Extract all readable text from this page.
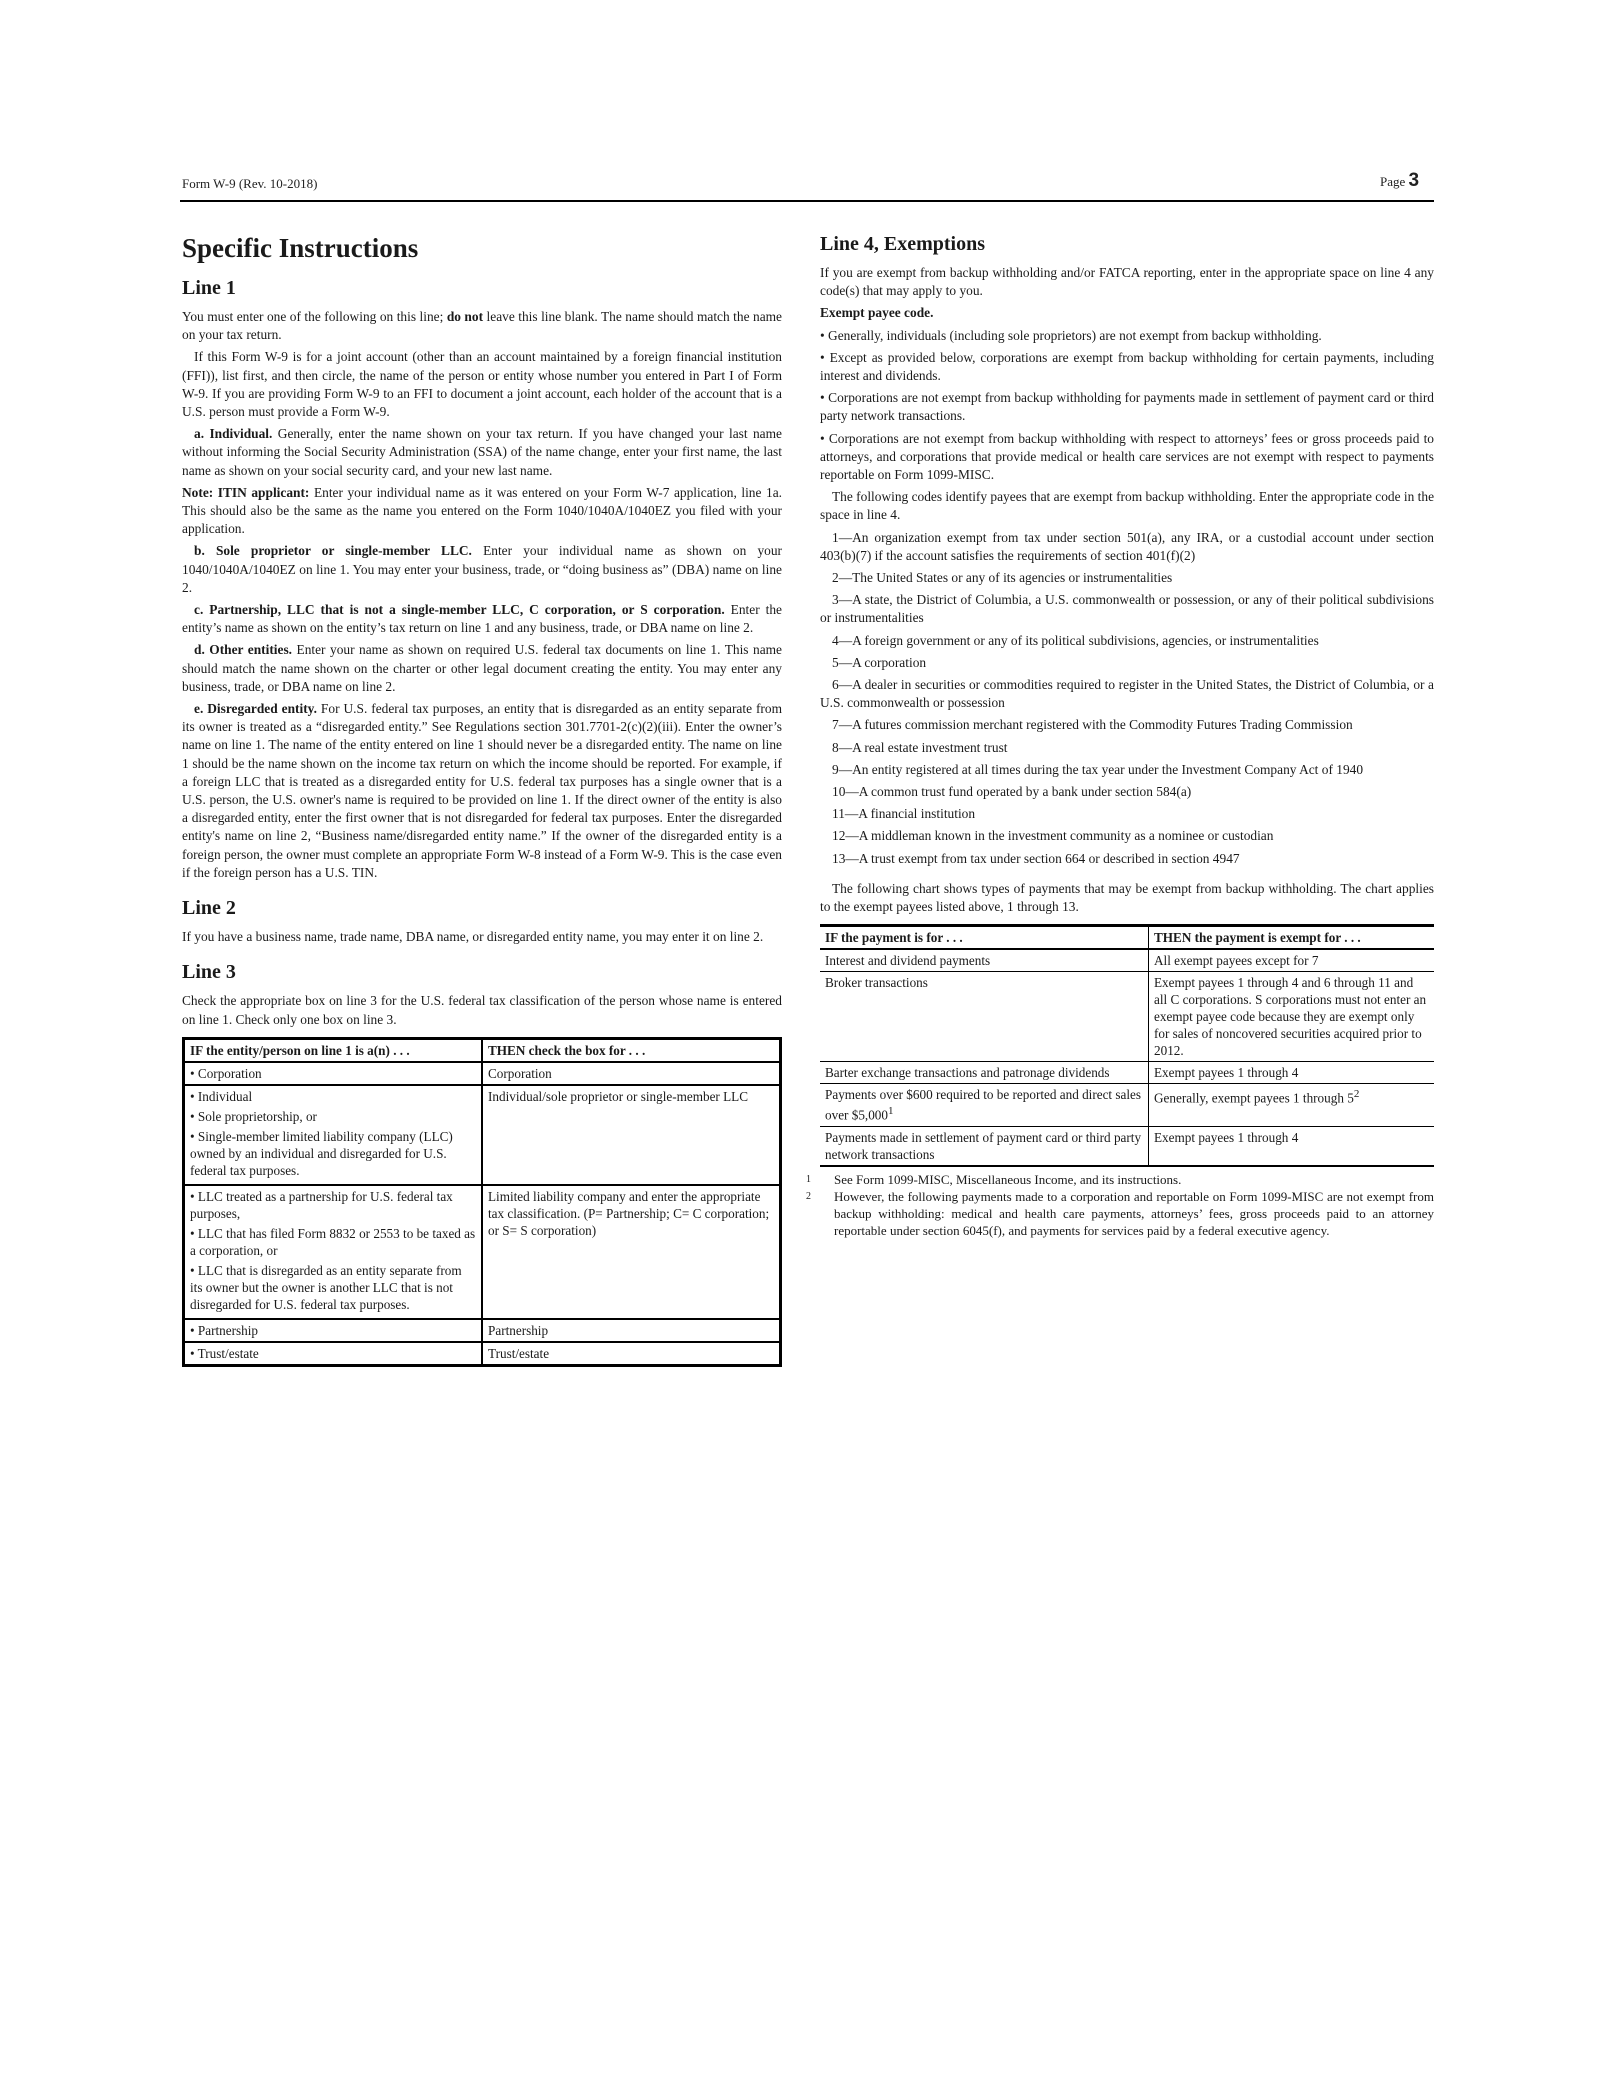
Form W-9 (Rev. 10-2018)	Page 3
Specific Instructions
Line 1

You must enter one of the following on this line; do not leave this line blank. The name should match the name on your tax return.

If this Form W-9 is for a joint account (other than an account maintained by a foreign financial institution (FFI)), list first, and then circle, the name of the person or entity whose number you entered in Part I of Form W-9. If you are providing Form W-9 to an FFI to document a joint account, each holder of the account that is a U.S. person must provide a Form W-9.

a. Individual. Generally, enter the name shown on your tax return. If you have changed your last name without informing the Social Security Administration (SSA) of the name change, enter your first name, the last name as shown on your social security card, and your new last name.

Note: ITIN applicant: Enter your individual name as it was entered on your Form W-7 application, line 1a. This should also be the same as the name you entered on the Form 1040/1040A/1040EZ you filed with your application.

b. Sole proprietor or single-member LLC. Enter your individual name as shown on your 1040/1040A/1040EZ on line 1. You may enter your business, trade, or “doing business as” (DBA) name on line 2.

c. Partnership, LLC that is not a single-member LLC, C corporation, or S corporation. Enter the entity’s name as shown on the entity’s tax return on line 1 and any business, trade, or DBA name on line 2.

d. Other entities. Enter your name as shown on required U.S. federal tax documents on line 1. This name should match the name shown on the charter or other legal document creating the entity. You may enter any business, trade, or DBA name on line 2.

e. Disregarded entity. For U.S. federal tax purposes, an entity that is disregarded as an entity separate from its owner is treated as a “disregarded entity.” See Regulations section 301.7701-2(c)(2)(iii). Enter the owner’s name on line 1. The name of the entity entered on line 1 should never be a disregarded entity. The name on line 1 should be the name shown on the income tax return on which the income should be reported. For example, if a foreign LLC that is treated as a disregarded entity for U.S. federal tax purposes has a single owner that is a U.S. person, the U.S. owner's name is required to be provided on line 1. If the direct owner of the entity is also a disregarded entity, enter the first owner that is not disregarded for federal tax purposes. Enter the disregarded entity's name on line 2, “Business name/disregarded entity name.” If the owner of the disregarded entity is a foreign person, the owner must complete an appropriate Form W-8 instead of a Form W-9. This is the case even if the foreign person has a U.S. TIN.

Line 2

If you have a business name, trade name, DBA name, or disregarded entity name, you may enter it on line 2.

Line 3

Check the appropriate box on line 3 for the U.S. federal tax classification of the person whose name is entered on line 1. Check only one box on line 3.

IF the entity/person on line 1 is a(n) . . .	THEN check the box for . . .
• Corporation	Corporation

• Individual
• Sole proprietorship, or
• Single-member limited liability company (LLC) owned by an individual and disregarded for U.S. federal tax purposes.	Individual/sole proprietor or single-member LLC

• LLC treated as a partnership for U.S. federal tax purposes,
• LLC that has filed Form 8832 or 2553 to be taxed as a corporation, or
• LLC that is disregarded as an entity separate from its owner but the owner is another LLC that is not disregarded for U.S. federal tax purposes.	Limited liability company and enter the appropriate tax classification. (P= Partnership; C= C corporation; or S= S corporation)
• Partnership	Partnership
• Trust/estate	Trust/estate
Line 4, Exemptions

If you are exempt from backup withholding and/or FATCA reporting, enter in the appropriate space on line 4 any code(s) that may apply to you.

Exempt payee code.

• Generally, individuals (including sole proprietors) are not exempt from backup withholding.

• Except as provided below, corporations are exempt from backup withholding for certain payments, including interest and dividends.

• Corporations are not exempt from backup withholding for payments made in settlement of payment card or third party network transactions.

• Corporations are not exempt from backup withholding with respect to attorneys’ fees or gross proceeds paid to attorneys, and corporations that provide medical or health care services are not exempt with respect to payments reportable on Form 1099-MISC.

The following codes identify payees that are exempt from backup withholding. Enter the appropriate code in the space in line 4.

1—An organization exempt from tax under section 501(a), any IRA, or a custodial account under section 403(b)(7) if the account satisfies the requirements of section 401(f)(2)

2—The United States or any of its agencies or instrumentalities

3—A state, the District of Columbia, a U.S. commonwealth or possession, or any of their political subdivisions or instrumentalities

4—A foreign government or any of its political subdivisions, agencies, or instrumentalities

5—A corporation

6—A dealer in securities or commodities required to register in the United States, the District of Columbia, or a U.S. commonwealth or possession

7—A futures commission merchant registered with the Commodity Futures Trading Commission

8—A real estate investment trust

9—An entity registered at all times during the tax year under the Investment Company Act of 1940

10—A common trust fund operated by a bank under section 584(a)

11—A financial institution

12—A middleman known in the investment community as a nominee or custodian

13—A trust exempt from tax under section 664 or described in section 4947

The following chart shows types of payments that may be exempt from backup withholding. The chart applies to the exempt payees listed above, 1 through 13.

IF the payment is for . . .	THEN the payment is exempt for . . .
Interest and dividend payments	All exempt payees except for 7
Broker transactions	Exempt payees 1 through 4 and 6 through 11 and all C corporations. S corporations must not enter an exempt payee code because they are exempt only for sales of noncovered securities acquired prior to 2012.
Barter exchange transactions and patronage dividends	Exempt payees 1 through 4
Payments over $600 required to be reported and direct sales over $5,000$^1$	Generally, exempt payees 1 through $5^2$
Payments made in settlement of payment card or third party network transactions	Exempt payees 1 through 4

1 See Form 1099-MISC, Miscellaneous Income, and its instructions.

2 However, the following payments made to a corporation and reportable on Form 1099-MISC are not exempt from backup withholding: medical and health care payments, attorneys’ fees, gross proceeds paid to an attorney reportable under section 6045(f), and payments for services paid by a federal executive agency.
